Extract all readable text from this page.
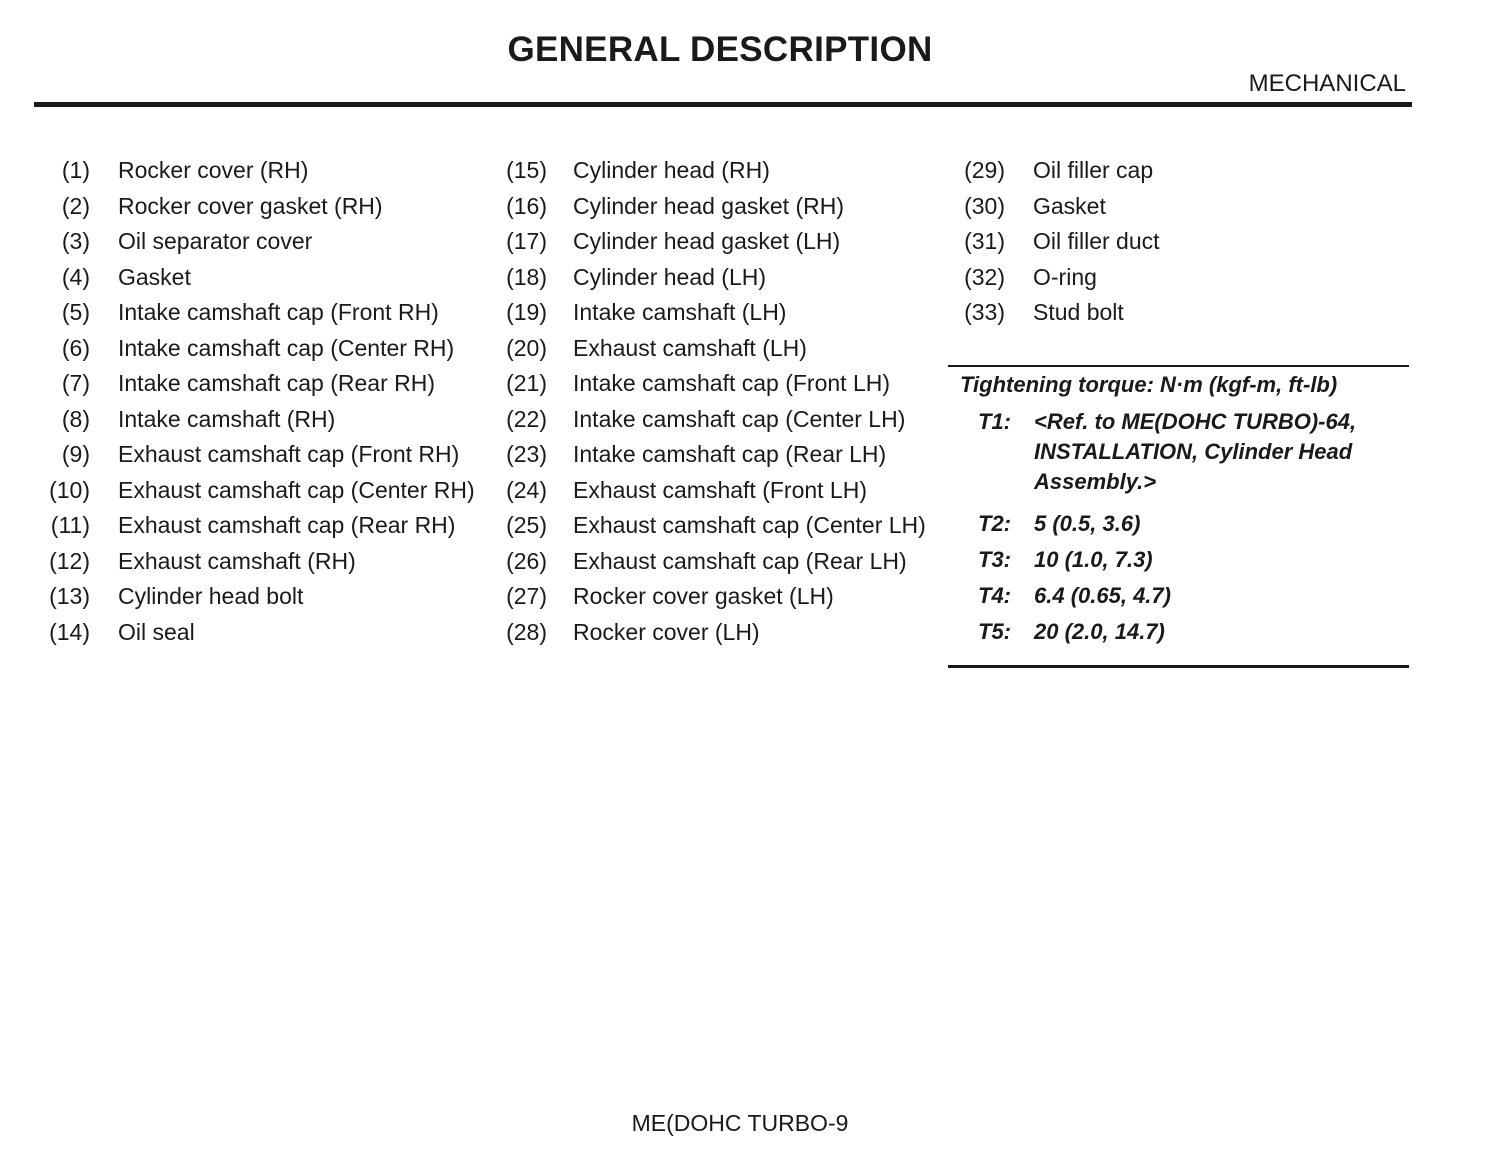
GENERAL DESCRIPTION
MECHANICAL
(1) Rocker cover (RH)
(2) Rocker cover gasket (RH)
(3) Oil separator cover
(4) Gasket
(5) Intake camshaft cap (Front RH)
(6) Intake camshaft cap (Center RH)
(7) Intake camshaft cap (Rear RH)
(8) Intake camshaft (RH)
(9) Exhaust camshaft cap (Front RH)
(10) Exhaust camshaft cap (Center RH)
(11) Exhaust camshaft cap (Rear RH)
(12) Exhaust camshaft (RH)
(13) Cylinder head bolt
(14) Oil seal
(15) Cylinder head (RH)
(16) Cylinder head gasket (RH)
(17) Cylinder head gasket (LH)
(18) Cylinder head (LH)
(19) Intake camshaft (LH)
(20) Exhaust camshaft (LH)
(21) Intake camshaft cap (Front LH)
(22) Intake camshaft cap (Center LH)
(23) Intake camshaft cap (Rear LH)
(24) Exhaust camshaft (Front LH)
(25) Exhaust camshaft cap (Center LH)
(26) Exhaust camshaft cap (Rear LH)
(27) Rocker cover gasket (LH)
(28) Rocker cover (LH)
(29) Oil filler cap
(30) Gasket
(31) Oil filler duct
(32) O-ring
(33) Stud bolt
Tightening torque: N·m (kgf-m, ft-lb)
T1:	<Ref. to ME(DOHC TURBO)-64, INSTALLATION, Cylinder Head Assembly.>
T2:	5 (0.5, 3.6)
T3:	10 (1.0, 7.3)
T4:	6.4 (0.65, 4.7)
T5:	20 (2.0, 14.7)
ME(DOHC TURBO-9
